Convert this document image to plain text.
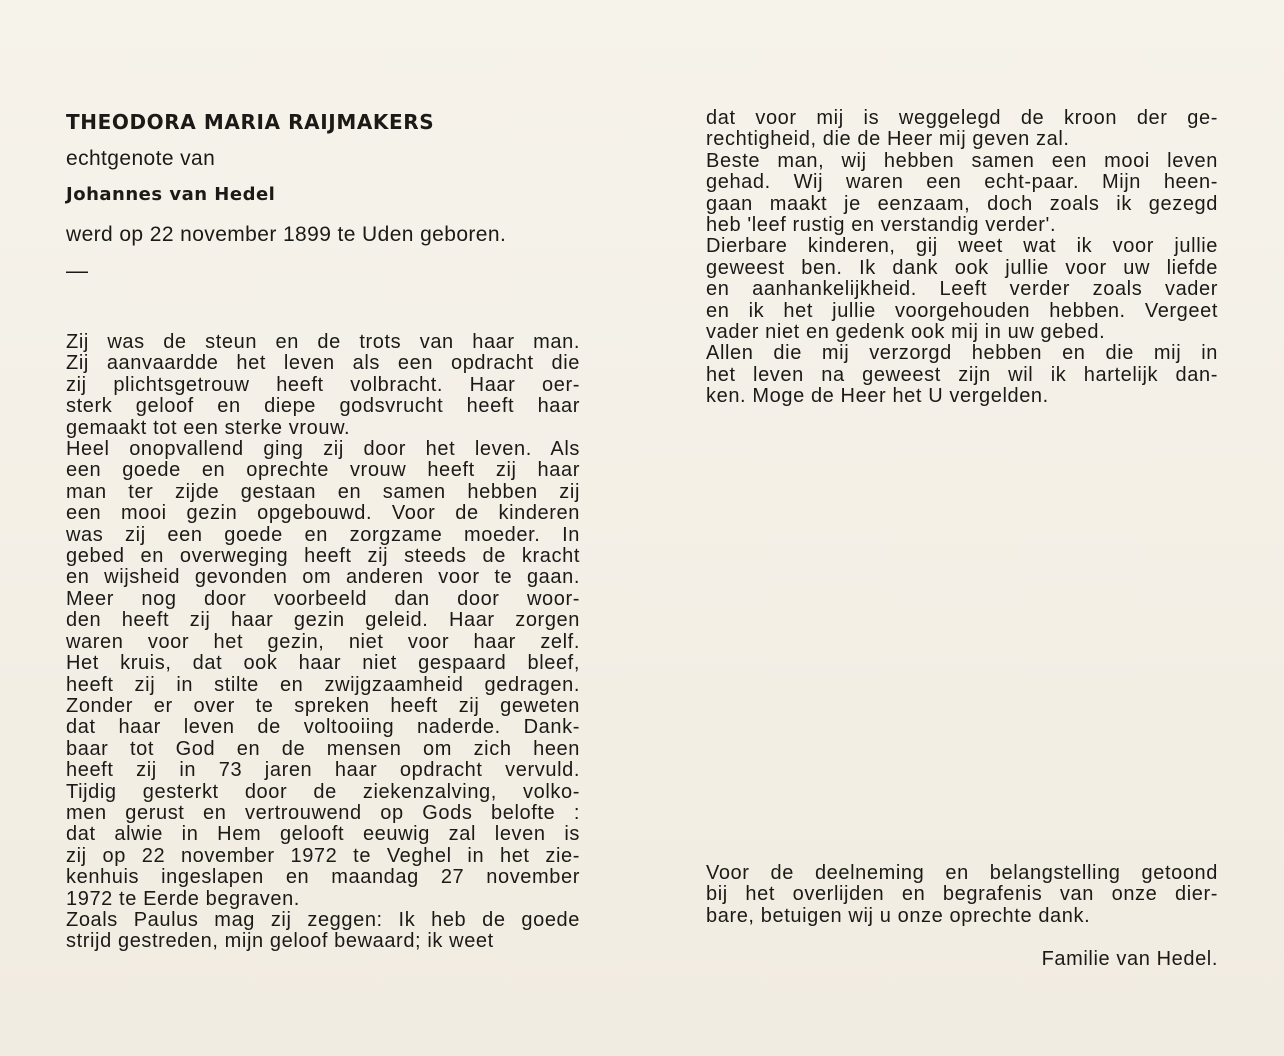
THEODORA MARIA RAIJMAKERS
echtgenote van
Johannes van Hedel
werd op 22 november 1899 te Uden geboren.
—
Zij was de steun en de trots van haar man.
Zij aanvaardde het leven als een opdracht die
zij plichtsgetrouw heeft volbracht. Haar oer-
sterk geloof en diepe godsvrucht heeft haar
gemaakt tot een sterke vrouw.
Heel onopvallend ging zij door het leven. Als
een goede en oprechte vrouw heeft zij haar
man ter zijde gestaan en samen hebben zij
een mooi gezin opgebouwd. Voor de kinderen
was zij een goede en zorgzame moeder. In
gebed en overweging heeft zij steeds de kracht
en wijsheid gevonden om anderen voor te gaan.
Meer nog door voorbeeld dan door woor-
den heeft zij haar gezin geleid. Haar zorgen
waren voor het gezin, niet voor haar zelf.
Het kruis, dat ook haar niet gespaard bleef,
heeft zij in stilte en zwijgzaamheid gedragen.
Zonder er over te spreken heeft zij geweten
dat haar leven de voltooiing naderde. Dank-
baar tot God en de mensen om zich heen
heeft zij in 73 jaren haar opdracht vervuld.
Tijdig gesterkt door de ziekenzalving, volko-
men gerust en vertrouwend op Gods belofte :
dat alwie in Hem gelooft eeuwig zal leven is
zij op 22 november 1972 te Veghel in het zie-
kenhuis ingeslapen en maandag 27 november
1972 te Eerde begraven.
Zoals Paulus mag zij zeggen: Ik heb de goede
strijd gestreden, mijn geloof bewaard; ik weet
dat voor mij is weggelegd de kroon der ge-
rechtigheid, die de Heer mij geven zal.
Beste man, wij hebben samen een mooi leven
gehad. Wij waren een echt-paar. Mijn heen-
gaan maakt je eenzaam, doch zoals ik gezegd
heb 'leef rustig en verstandig verder'.
Dierbare kinderen, gij weet wat ik voor jullie
geweest ben. Ik dank ook jullie voor uw liefde
en aanhankelijkheid. Leeft verder zoals vader
en ik het jullie voorgehouden hebben. Vergeet
vader niet en gedenk ook mij in uw gebed.
Allen die mij verzorgd hebben en die mij in
het leven na geweest zijn wil ik hartelijk dan-
ken. Moge de Heer het U vergelden.
Voor de deelneming en belangstelling getoond
bij het overlijden en begrafenis van onze dier-
bare, betuigen wij u onze oprechte dank.
Familie van Hedel.
